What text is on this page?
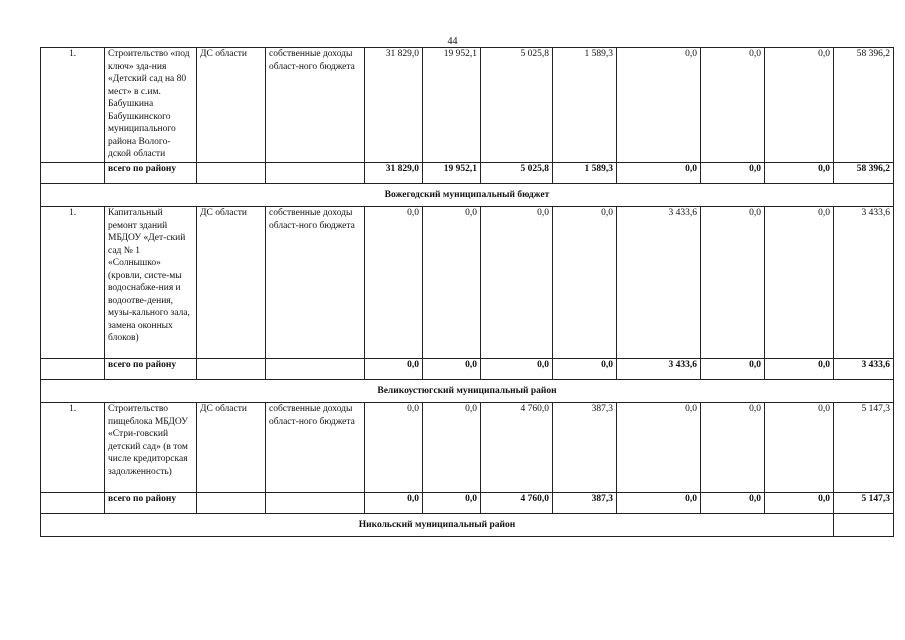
44
1.	Строительство «под ключ» зда-ния «Детский сад на 80 мест» в с.им. Бабушкина Бабушкинского муниципального района Волого-дской области	ДС области	собственные доходы област-ного бюджета	31 829,0	19 952,1	5 025,8	1 589,3	0,0	0,0	0,0	58 396,2
	всего по району			31 829,0	19 952,1	5 025,8	1 589,3	0,0	0,0	0,0	58 396,2
Вожегодский муниципальный бюджет											
1.	Капитальный ремонт зданий МБДОУ «Дет-ский сад № 1 «Солнышко» (кровли, систе-мы водоснабже-ния и водоотве-дения, музы-кального зала, замена оконных блоков)	ДС области	собственные доходы област-ного бюджета	0,0	0,0	0,0	0,0	3 433,6	0,0	0,0	3 433,6
	всего по району			0,0	0,0	0,0	0,0	3 433,6	0,0	0,0	3 433,6
Великоустюгский муниципальный район											
1.	Строительство пищеблока МБДОУ «Стри-говский детский сад» (в том числе кредиторская задолженность)	ДС области	собственные доходы област-ного бюджета	0,0	0,0	4 760,0	387,3	0,0	0,0	0,0	5 147,3
	всего по району			0,0	0,0	4 760,0	387,3	0,0	0,0	0,0	5 147,3
Никольский муниципальный район											
